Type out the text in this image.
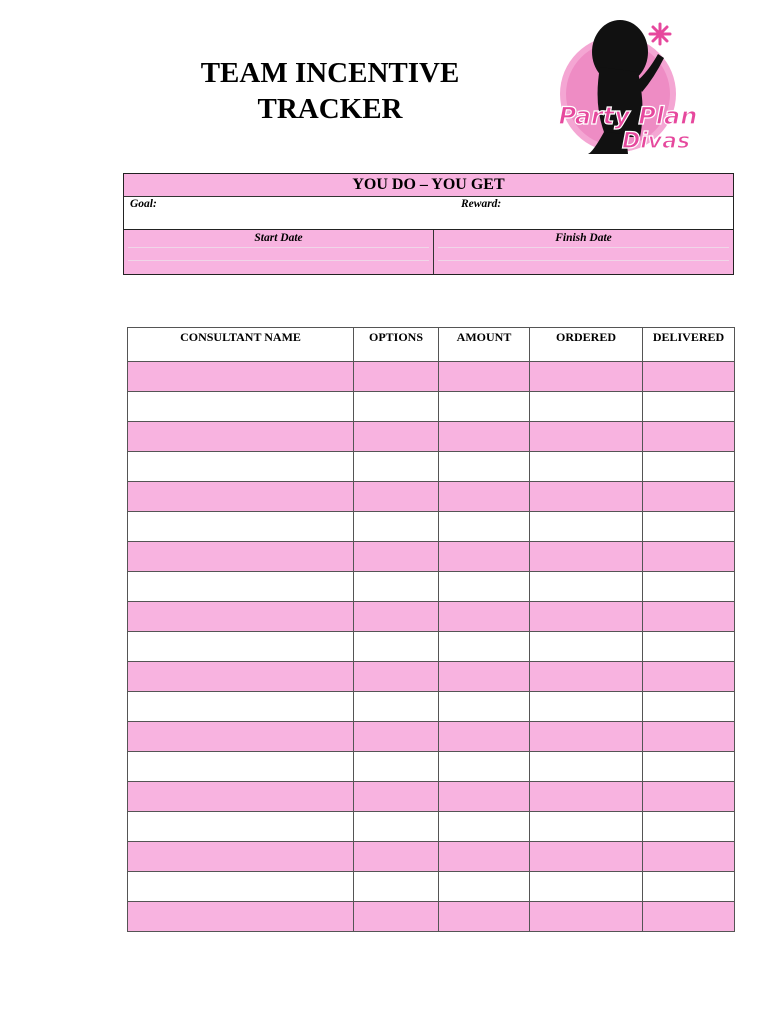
TEAM INCENTIVE
TRACKER	Party Plan
Divas
YOU DO – YOU GET
Goal:	Reward:
Start Date	Finish Date
CONSULTANT NAME	OPTIONS	AMOUNT	ORDERED	DELIVERED
